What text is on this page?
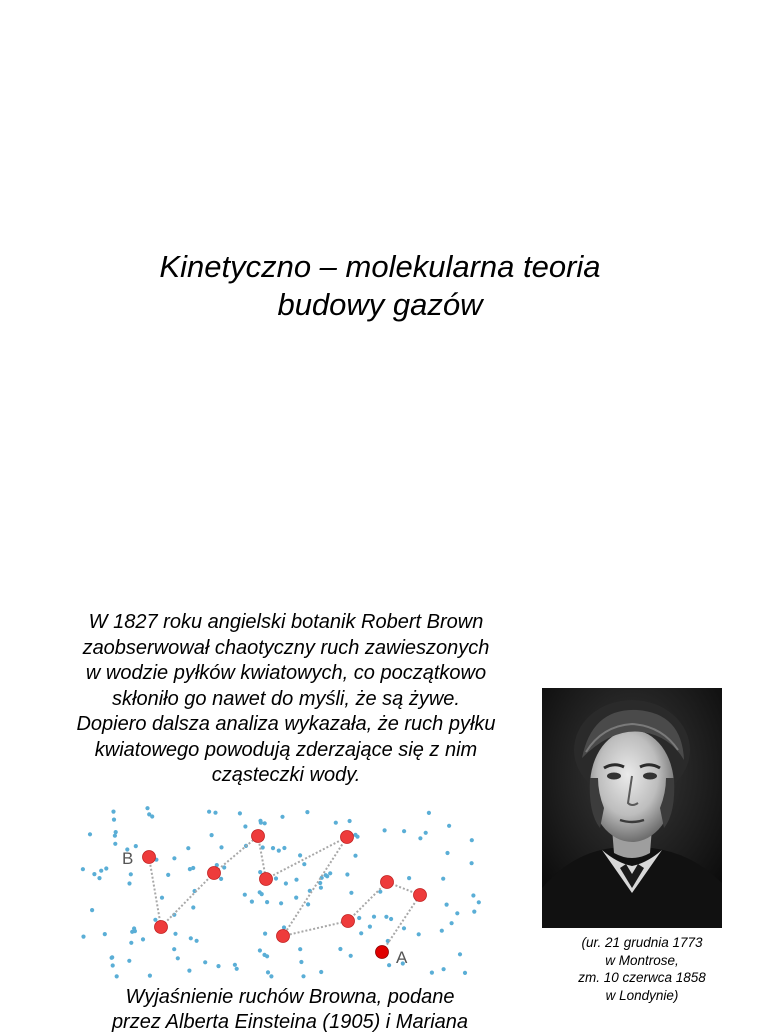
Kinetyczno – molekularna teoria
budowy gazów
W 1827 roku angielski botanik Robert Brown
zaobserwował chaotyczny ruch zawieszonych
w wodzie pyłków kwiatowych, co początkowo
skłoniło go nawet do myśli, że są żywe.
Dopiero dalsza analiza wykazała, że ruch pyłku
kwiatowego powodują zderzające się z nim
cząsteczki wody.
(ur. 21 grudnia 1773
w Montrose,
zm. 10 czerwca 1858
w Londynie)
B
A
Wyjaśnienie ruchów Browna, podane
przez Alberta Einsteina (1905) i Mariana
